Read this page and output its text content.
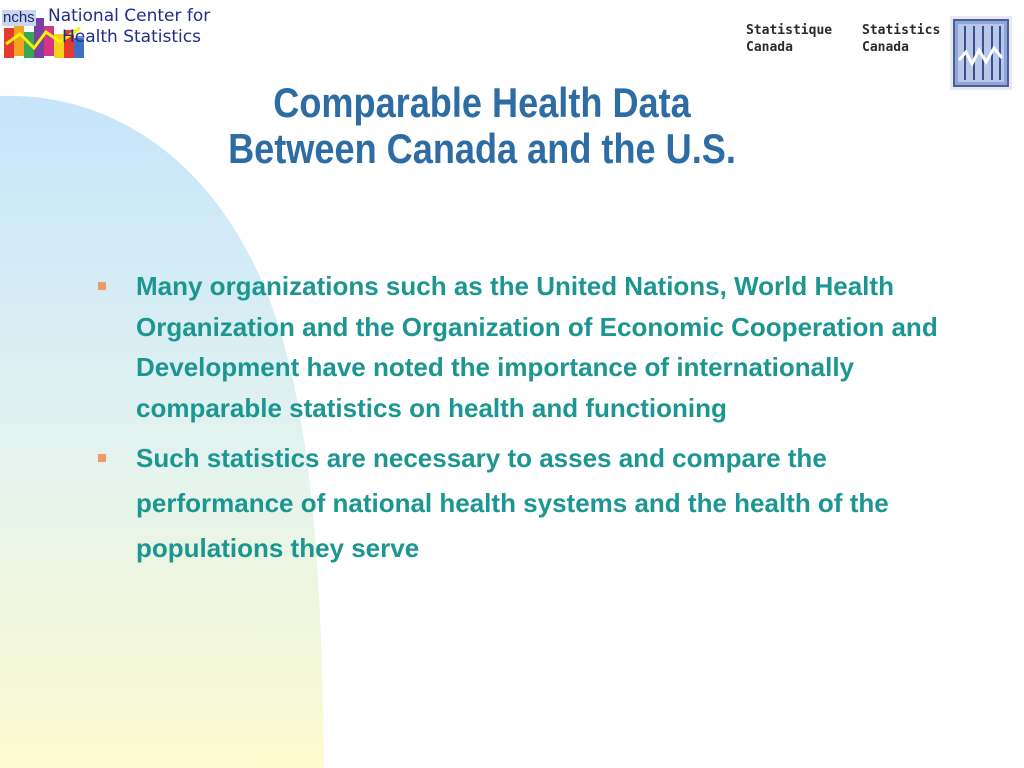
nchs National Center for
Health Statistics	Statistique
Canada
Statistics
Canada
Comparable Health Data
Between Canada and the U.S.
Many organizations such as the United Nations, World Health Organization and the Organization of Economic Cooperation and Development have noted the importance of internationally comparable statistics on health and functioning
Such statistics are necessary to asses and compare the performance of national health systems and the health of the populations they serve
